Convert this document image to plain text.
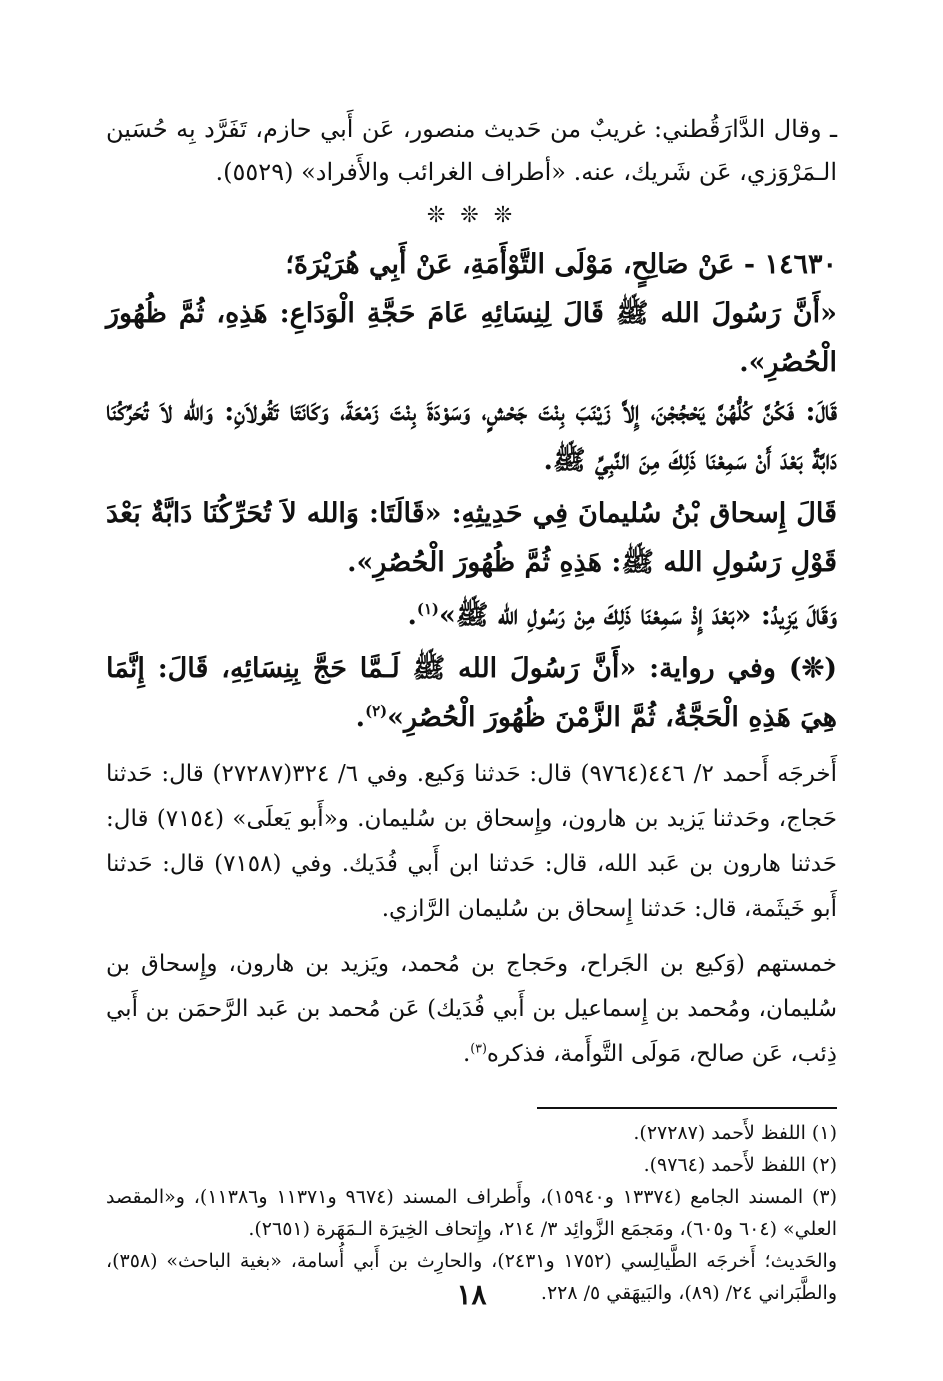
ـ وقال الدَّارَقُطني: غريبٌ من حَديث منصور، عَن أَبي حازم، تَفَرَّد بِه حُسَين الـمَرْوَزي، عَن شَريك، عنه. «أطراف الغرائب والأَفراد» (٥٥٢٩).

❊ ❊ ❊

١٤٦٣٠ - عَنْ صَالِحٍ، مَوْلَى التَّوْأَمَةِ، عَنْ أَبِي هُرَيْرَةَ؛

«أَنَّ رَسُولَ الله ﷺ قَالَ لِنِسَائِهِ عَامَ حَجَّةِ الْوَدَاعِ: هَذِهِ، ثُمَّ ظُهُورَ الْحُصُرِ».

قَالَ: فَكُنَّ كُلُّهُنَّ يَحْجُجْنَ، إِلاَّ زَيْنَبَ بِنْتَ جَحْشٍ، وَسَوْدَةَ بِنْتَ زَمْعَةَ، وَكَانَتَا تَقُولاَنِ: وَالله لاَ تُحَرِّكُنَا دَابَّةٌ بَعْدَ أَنْ سَمِعْنَا ذَلِكَ مِنَ النَّبِيِّ ﷺ.

قَالَ إِسحاق بْنُ سُليمانَ فِي حَدِيثِهِ: «قَالَتَا: وَالله لاَ تُحَرِّكُنَا دَابَّةٌ بَعْدَ قَوْلِ رَسُولِ الله ﷺ: هَذِهِ ثُمَّ ظُهُورَ الْحُصُرِ».

وَقَالَ يَزِيدُ: «بَعْدَ إِذْ سَمِعْنَا ذَلِكَ مِنْ رَسُولِ الله ﷺ»$^{(١)}$.

(❊) وفي رواية: «أَنَّ رَسُولَ الله ﷺ لَـمَّا حَجَّ بِنِسَائِهِ، قَالَ: إِنَّمَا هِيَ هَذِهِ الْحَجَّةُ، ثُمَّ الزَّمْنَ ظُهُورَ الْحُصُرِ»$^{(٢)}$.

أَخرجَه أَحمد ٢/ ٤٤٦(٩٧٦٤) قال: حَدثنا وَكيع. وفي ٦/ ٣٢٤(٢٧٢٨٧) قال: حَدثنا حَجاج، وحَدثنا يَزيد بن هارون، وإِسحاق بن سُليمان. و«أَبو يَعلَى» (٧١٥٤) قال: حَدثنا هارون بن عَبد الله، قال: حَدثنا ابن أَبي فُدَيك. وفي (٧١٥٨) قال: حَدثنا أَبو خَيثَمة، قال: حَدثنا إِسحاق بن سُليمان الرَّازي.

خمستهم (وَكيع بن الجَراح، وحَجاج بن مُحمد، ويَزيد بن هارون، وإِسحاق بن سُليمان، ومُحمد بن إِسماعيل بن أَبي فُدَيك) عَن مُحمد بن عَبد الرَّحمَن بن أَبي ذِئب، عَن صالح، مَولَى التَّوأَمة، فذكره$^{(٣)}$.

(١) اللفظ لأَحمد (٢٧٢٨٧).

(٢) اللفظ لأَحمد (٩٧٦٤).

(٣) المسند الجامع (١٣٣٧٤ و١٥٩٤٠)، وأَطراف المسند (٩٦٧٤ و١١٣٧١ و١١٣٨٦)، و«المقصد العلي» (٦٠٤ و٦٠٥)، ومَجمَع الزَّوائِد ٣/ ٢١٤، وإِتحاف الخِيرَة الـمَهَرة (٢٦٥١).

والحَديث؛ أَخرجَه الطَّيالِسي (١٧٥٢ و٢٤٣١)، والحارِث بن أَبي أُسامة، «بغية الباحث» (٣٥٨)، والطَّبَراني ٢٤/ (٨٩)، والبَيهَقي ٥/ ٢٢٨.

١٨
